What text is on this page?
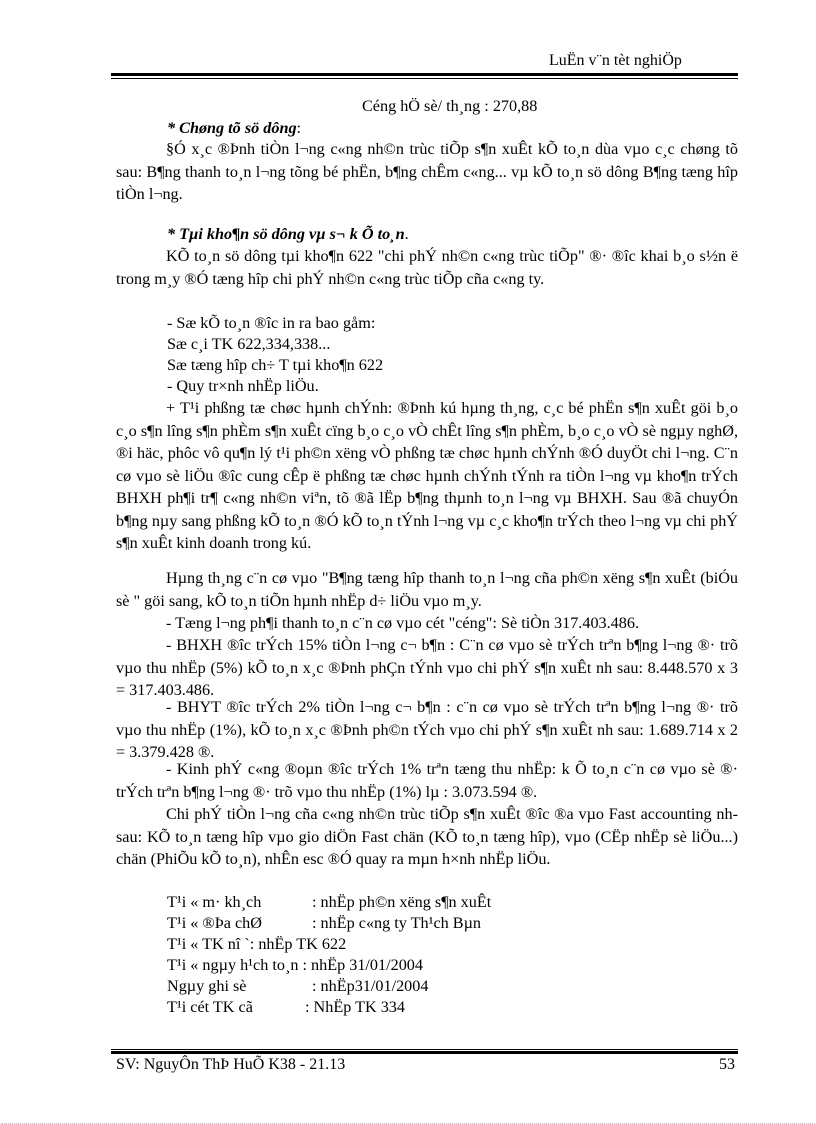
LuËn v¨n tèt nghiÖp
Céng hÖ sè/ th¸ng : 270,88
* Chøng tõ sö dông:
§Ó x¸c ®Þnh tiÒn l¬ng c«ng nh©n trùc tiÕp s¶n xuÊt kÕ to¸n dùa vµo c¸c chøng tõ sau: B¶ng thanh to¸n l¬ng tõng bé phËn, b¶ng chÊm c«ng... vµ kÕ to¸n sö dông B¶ng tæng hîp tiÒn l¬ng.
* Tµi kho¶n sö dông vµ s¬ k Õ to¸n.
KÕ to¸n sö dông tµi kho¶n 622 "chi phÝ nh©n c«ng trùc tiÕp" ®· ®îc khai b¸o s½n ë trong m¸y ®Ó tæng hîp chi phÝ nh©n c«ng trùc tiÕp cña c«ng ty.
- Sæ kÕ to¸n ®îc in ra bao gåm:
Sæ c¸i TK 622,334,338...
Sæ tæng hîp ch÷ T tµi kho¶n 622
- Quy tr×nh nhËp liÖu.
+ T¹i phßng tæ chøc hµnh chÝnh: ®Þnh kú hµng th¸ng, c¸c bé phËn s¶n xuÊt göi b¸o c¸o s¶n lîng s¶n phÈm s¶n xuÊt cïng b¸o c¸o vÒ chÊt lîng s¶n phÈm, b¸o c¸o vÒ sè ngµy nghØ, ®i häc, phôc vô qu¶n lý t¹i ph©n xëng vÒ phßng tæ chøc hµnh chÝnh ®Ó duyÖt chi l¬ng. C¨n cø vµo sè liÖu ®îc cung cÊp ë phßng tæ chøc hµnh chÝnh tÝnh ra tiÒn l¬ng vµ kho¶n trÝch BHXH ph¶i tr¶ c«ng nh©n viªn, tõ ®ã lËp b¶ng thµnh to¸n l¬ng vµ BHXH. Sau ®ã chuyÓn b¶ng nµy sang phßng kÕ to¸n ®Ó kÕ to¸n tÝnh l¬ng vµ c¸c kho¶n trÝch theo l¬ng vµ chi phÝ s¶n xuÊt kinh doanh trong kú.
Hµng th¸ng c¨n cø vµo "B¶ng tæng hîp thanh to¸n l¬ng cña ph©n xëng s¶n xuÊt (biÓu sè " göi sang, kÕ to¸n tiÕn hµnh nhËp d÷ liÖu vµo m¸y.
- Tæng l¬ng ph¶i thanh to¸n c¨n cø vµo cét "céng": Sè tiÒn 317.403.486.
- BHXH ®îc trÝch 15% tiÒn l¬ng c¬ b¶n : C¨n cø vµo sè trÝch trªn b¶ng l¬ng ®· trõ vµo thu nhËp (5%) kÕ to¸n x¸c ®Þnh phÇn tÝnh vµo chi phÝ s¶n xuÊt nh sau: 8.448.570 x 3 = 317.403.486.
- BHYT ®îc trÝch 2% tiÒn l¬ng c¬ b¶n : c¨n cø vµo sè trÝch trªn b¶ng l¬ng ®· trõ vµo thu nhËp (1%), kÕ to¸n x¸c ®Þnh ph©n tÝch vµo chi phÝ s¶n xuÊt nh sau: 1.689.714 x 2 = 3.379.428 ®.
- Kinh phÝ c«ng ®oµn ®îc trÝch 1% trªn tæng thu nhËp: k Õ to¸n c¨n cø vµo sè ®· trÝch trªn b¶ng l¬ng ®· trõ vµo thu nhËp (1%) lµ : 3.073.594 ®.
Chi phÝ tiÒn l¬ng cña c«ng nh©n trùc tiÕp s¶n xuÊt ®îc ®a vµo Fast accounting nh sau: KÕ to¸n tæng hîp vµo gio diÖn Fast chän (KÕ to¸n tæng hîp), vµo (CËp nhËp sè liÖu...) chän (PhiÕu kÕ to¸n), nhÊn esc ®Ó quay ra mµn h×nh nhËp liÖu.
T¹i « m· kh¸ch	: nhËp ph©n xëng s¶n xuÊt
T¹i « ®Þa chØ	: nhËp c«ng ty Th¹ch Bµn
T¹i « TK nî `: nhËp TK 622
T¹i « ngµy h¹ch to¸n : nhËp 31/01/2004
Ngµy ghi sè	: nhËp31/01/2004
T¹i cét TK cã	: NhËp TK 334
SV: NguyÔn ThÞ HuÕ K38 - 21.13	53
